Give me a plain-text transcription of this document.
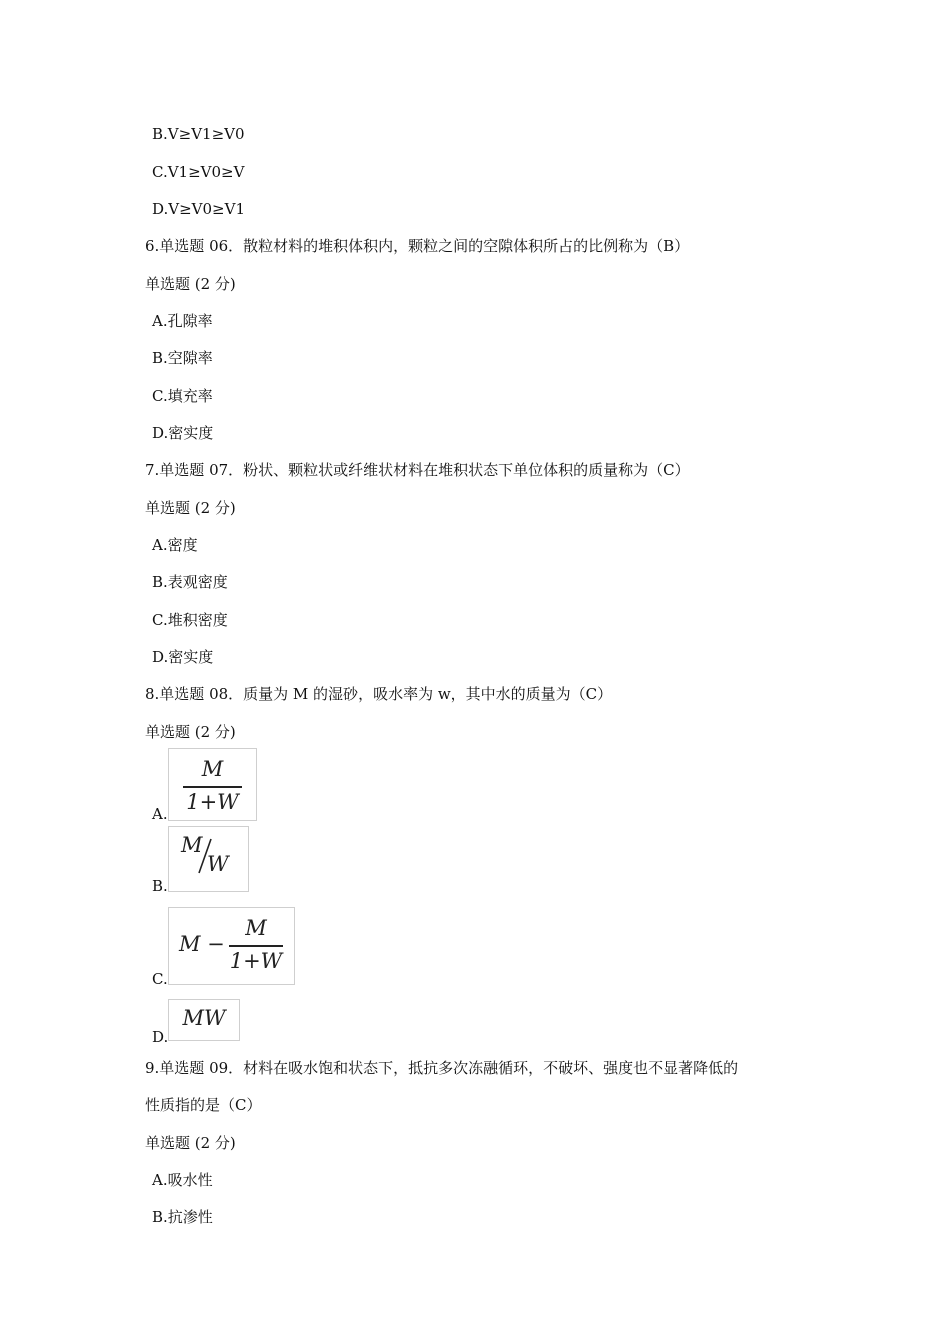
B.V≥V1≥V0
C.V1≥V0≥V
D.V≥V0≥V1
6.单选题 06．散粒材料的堆积体积内，颗粒之间的空隙体积所占的比例称为（B）
单选题 (2 分)
A.孔隙率
B.空隙率
C.填充率
D.密实度
7.单选题 07．粉状、颗粒状或纤维状材料在堆积状态下单位体积的质量称为（C）
单选题 (2 分)
A.密度
B.表观密度
C.堆积密度
D.密实度
8.单选题 08．质量为 M 的湿砂，吸水率为 w，其中水的质量为（C）
单选题 (2 分)
A.
M
1+W
B.
M
W
C.
M −
M
1+W
D.
MW
9.单选题 09．材料在吸水饱和状态下，抵抗多次冻融循环，不破坏、强度也不显著降低的
性质指的是（C）
单选题 (2 分)
A.吸水性
B.抗渗性
